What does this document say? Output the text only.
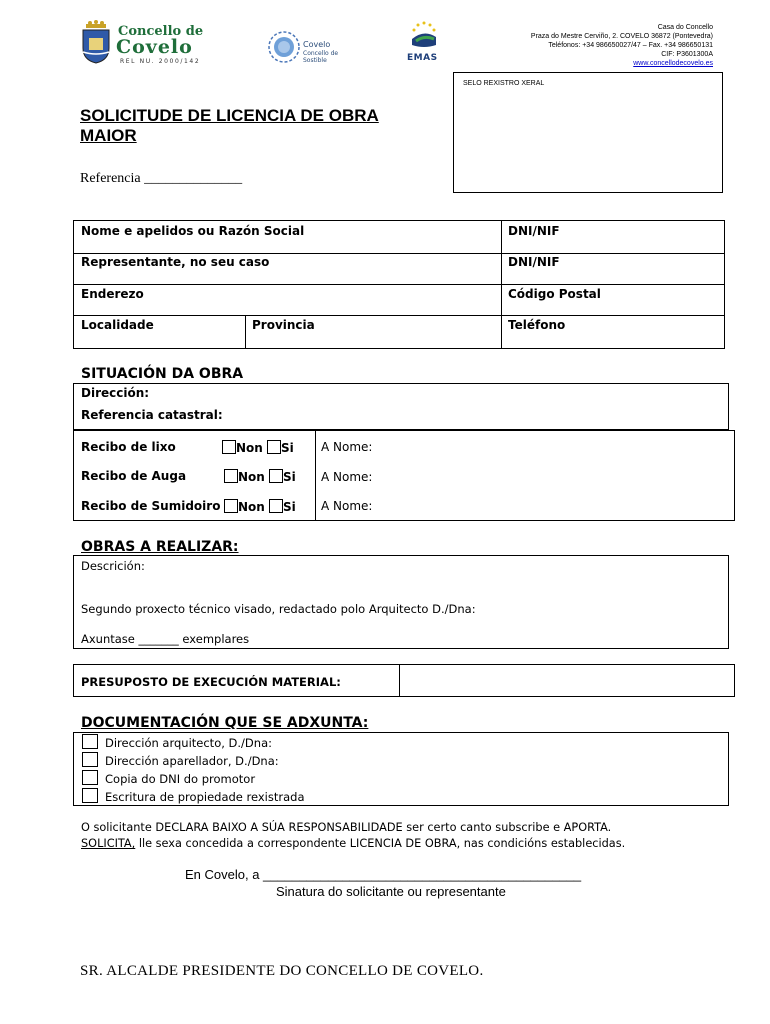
Concello de
Covelo
REL NU. 2000/142
Covelo
Concello de
Sostible	EMAS
Casa do Concello
Praza do Mestre Cerviño, 2. COVELO 36872 (Pontevedra)
Teléfonos: +34 986650027/47 – Fax. +34 986650131
CIF: P3601300A
www.concellodecovelo.es
SELO REXISTRO XERAL
SOLICITUDE DE LICENCIA DE OBRA MAIOR
Referencia ______________
Nome e apelidos ou Razón Social	DNI/NIF
Representante, no seu caso	DNI/NIF
Enderezo	Código Postal
Localidade	Provincia	Teléfono
SITUACIÓN DA OBRA
Dirección:
Referencia catastral:
Recibo de lixo	Non Si A Nome:
Recibo de Auga	Non Si A Nome:
Recibo de Sumidoiro	Non Si A Nome:
OBRAS A REALIZAR:
Descrición:
Segundo proxecto técnico visado, redactado polo Arquitecto D./Dna:
Axuntase _______ exemplares
PRESUPOSTO DE EXECUCIÓN MATERIAL:
DOCUMENTACIÓN QUE SE ADXUNTA:
Dirección arquitecto, D./Dna:
Dirección aparellador, D./Dna:
Copia do DNI do promotor
Escritura de propiedade rexistrada
O solicitante DECLARA BAIXO A SÚA RESPONSABILIDADE ser certo canto subscribe e APORTA.
SOLICITA, lle sexa concedida a correspondente LICENCIA DE OBRA, nas condicións establecidas.
En Covelo, a ____________________________________________
Sinatura do solicitante ou representante
SR. ALCALDE PRESIDENTE DO CONCELLO DE COVELO.
